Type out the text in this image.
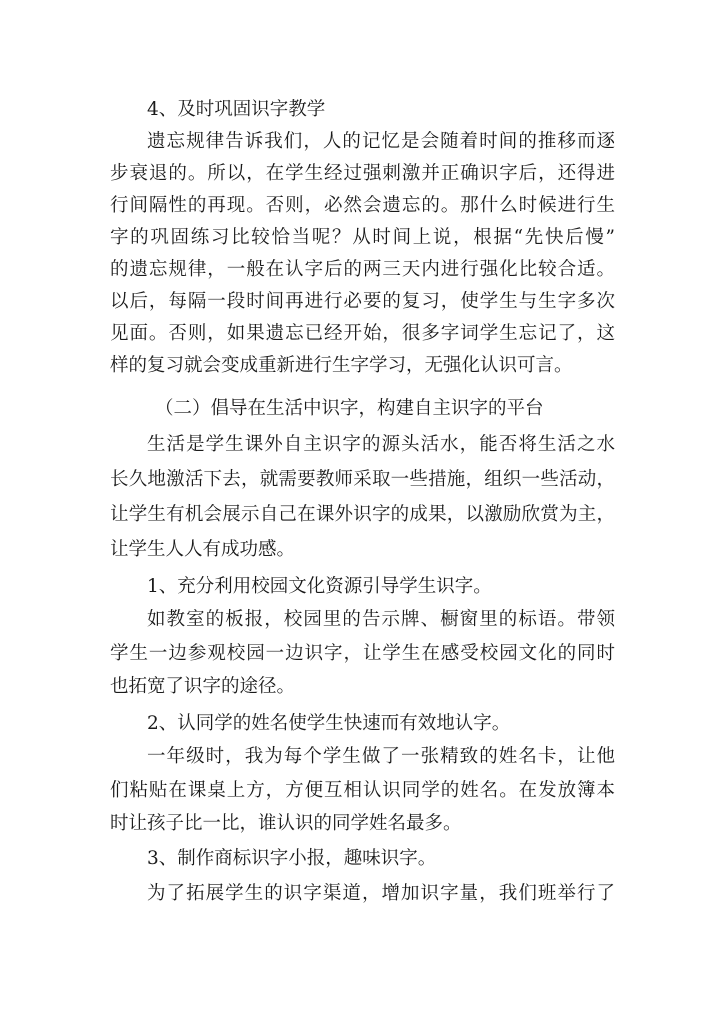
4、及时巩固识字教学
遗忘规律告诉我们，人的记忆是会随着时间的推移而逐
步衰退的。所以，在学生经过强刺激并正确识字后，还得进
行间隔性的再现。否则，必然会遗忘的。那什么时候进行生
字的巩固练习比较恰当呢？从时间上说，根据“先快后慢”
的遗忘规律，一般在认字后的两三天内进行强化比较合适。
以后，每隔一段时间再进行必要的复习，使学生与生字多次
见面。否则，如果遗忘已经开始，很多字词学生忘记了，这
样的复习就会变成重新进行生字学习，无强化认识可言。
（二）倡导在生活中识字，构建自主识字的平台
生活是学生课外自主识字的源头活水，能否将生活之水
长久地激活下去，就需要教师采取一些措施，组织一些活动，
让学生有机会展示自己在课外识字的成果，以激励欣赏为主，
让学生人人有成功感。
1、充分利用校园文化资源引导学生识字。
如教室的板报，校园里的告示牌、橱窗里的标语。带领
学生一边参观校园一边识字，让学生在感受校园文化的同时
也拓宽了识字的途径。
2、认同学的姓名使学生快速而有效地认字。
一年级时，我为每个学生做了一张精致的姓名卡，让他
们粘贴在课桌上方，方便互相认识同学的姓名。在发放簿本
时让孩子比一比，谁认识的同学姓名最多。
3、制作商标识字小报，趣味识字。
为了拓展学生的识字渠道，增加识字量，我们班举行了
